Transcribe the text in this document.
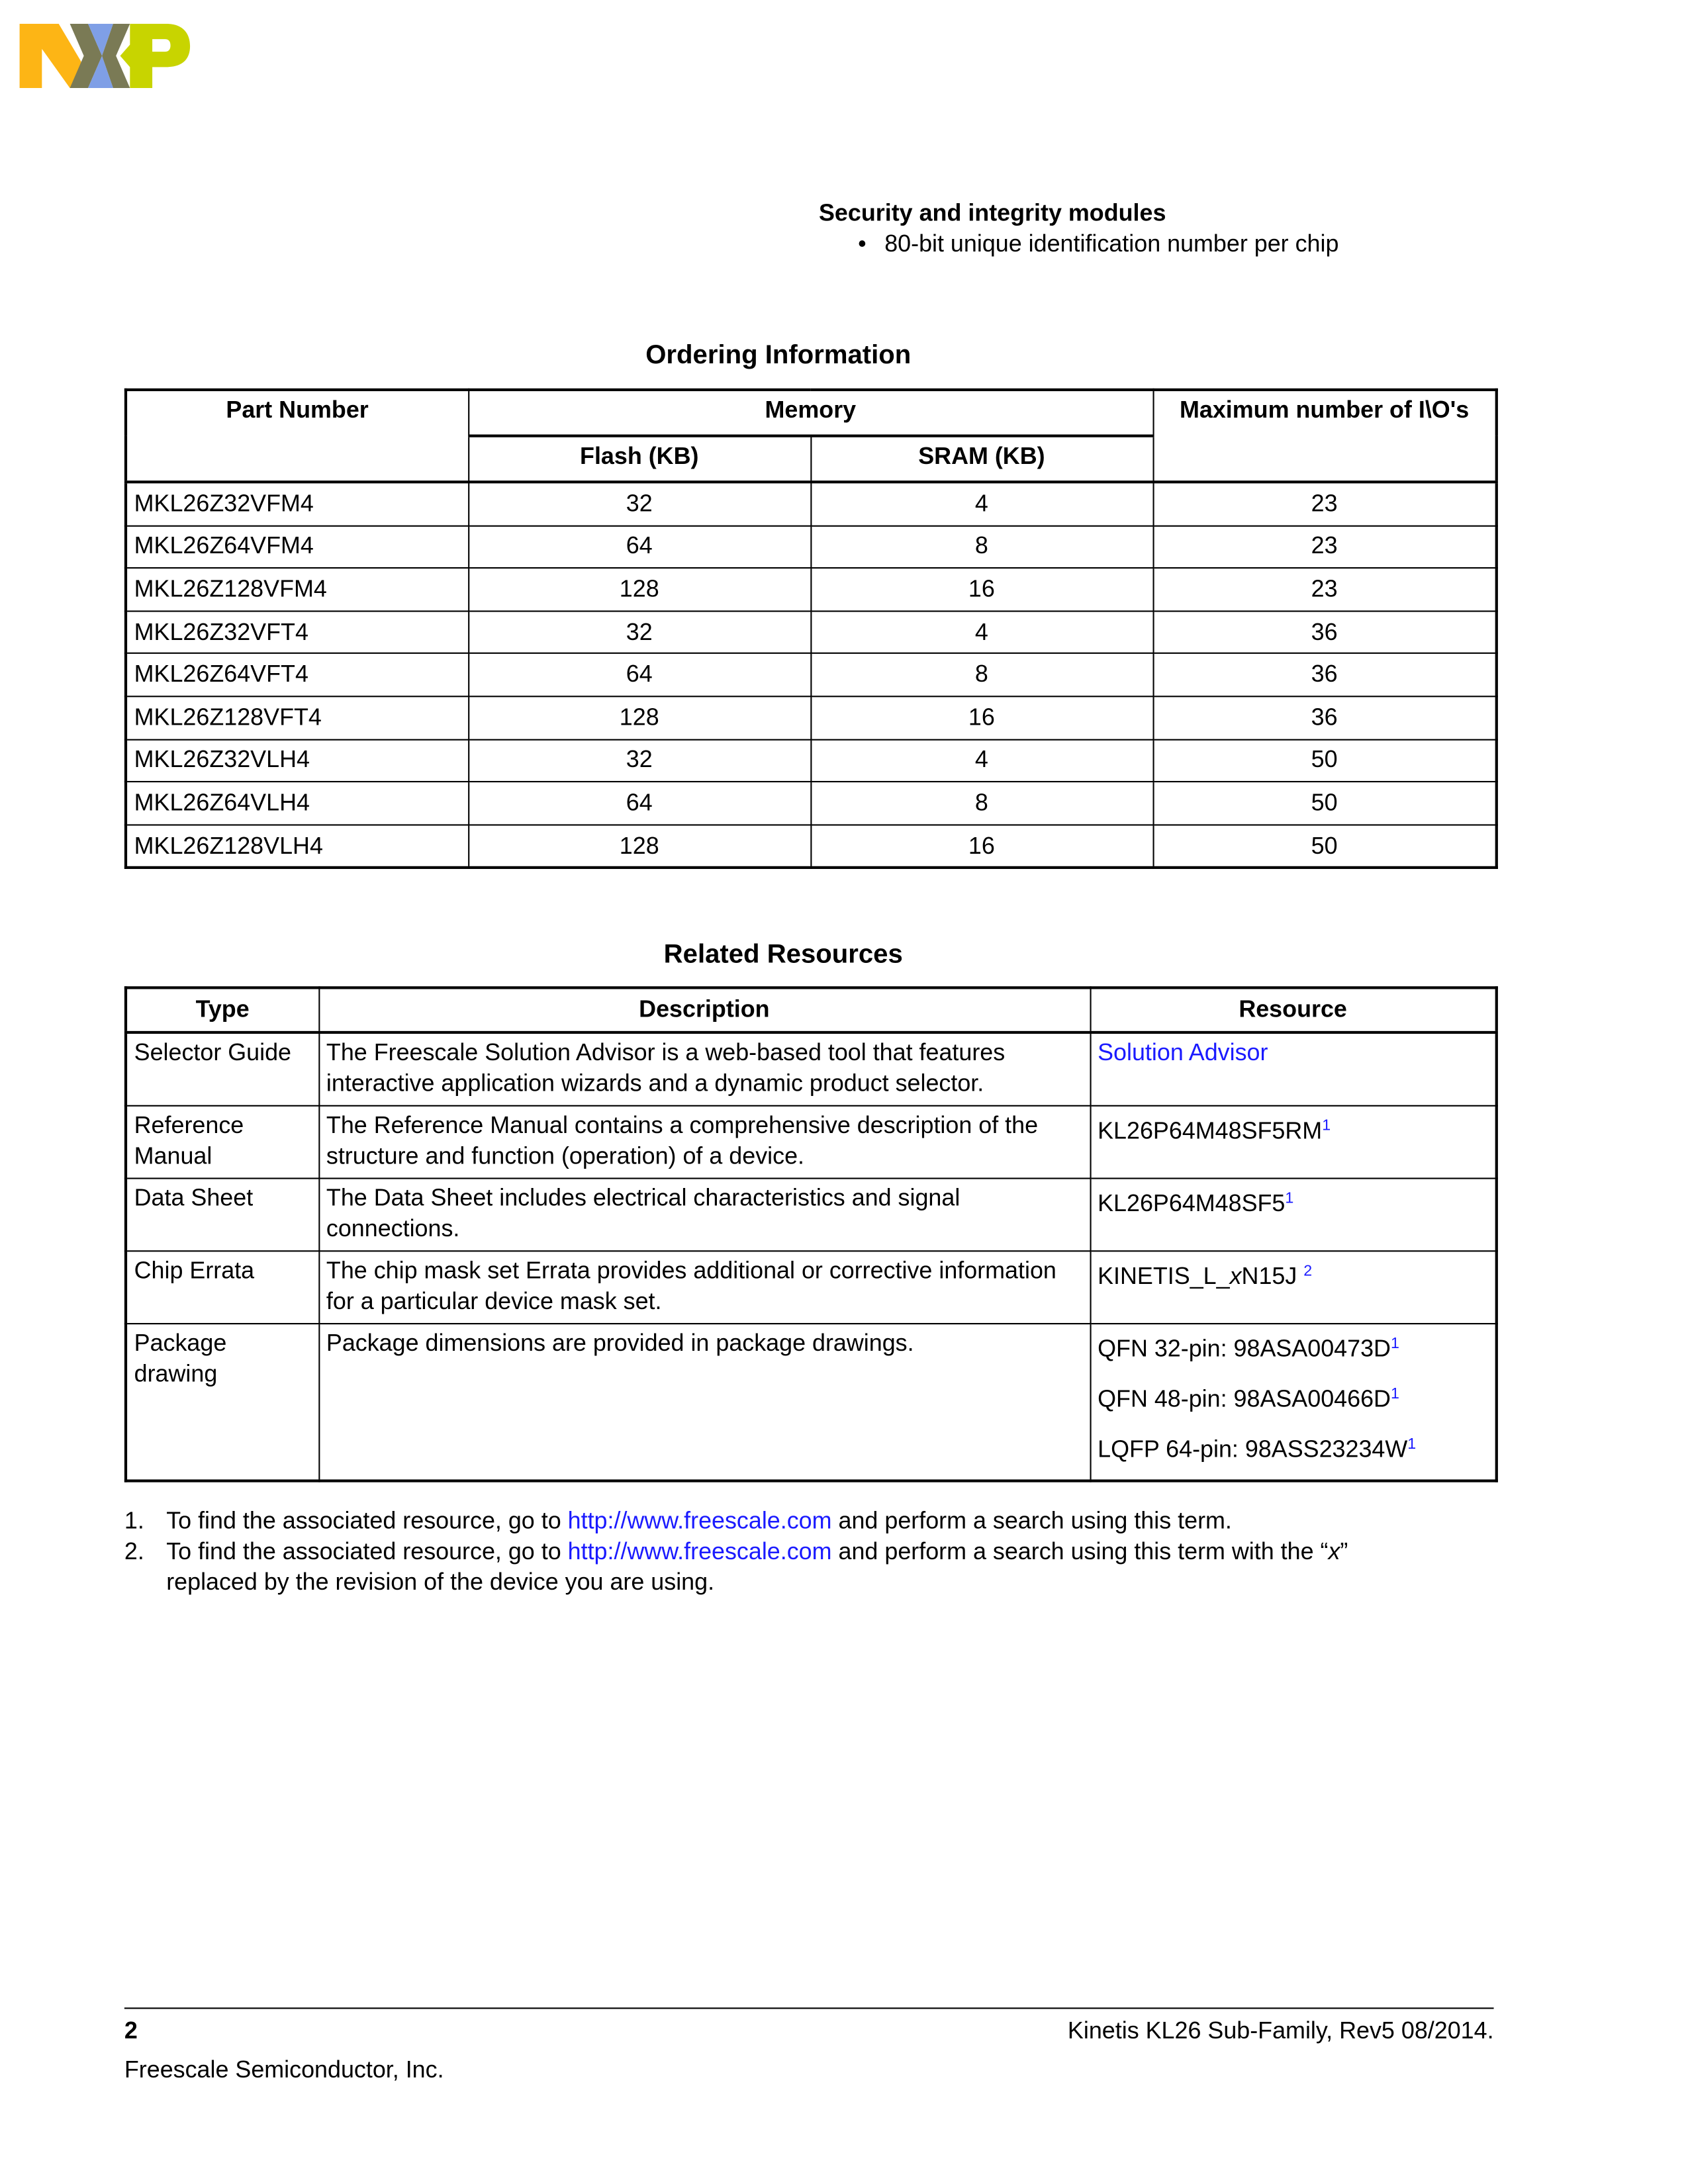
Security and integrity modules
• 80-bit unique identification number per chip
Ordering Information
Part Number	Memory		Maximum number of I\O's
	Flash (KB)	SRAM (KB)	
MKL26Z32VFM4	32	4	23
MKL26Z64VFM4	64	8	23
MKL26Z128VFM4	128	16	23
MKL26Z32VFT4	32	4	36
MKL26Z64VFT4	64	8	36
MKL26Z128VFT4	128	16	36
MKL26Z32VLH4	32	4	50
MKL26Z64VLH4	64	8	50
MKL26Z128VLH4	128	16	50
Related Resources
Type	Description	Resource
Selector Guide	The Freescale Solution Advisor is a web-based tool that features interactive application wizards and a dynamic product selector.	Solution Advisor
Reference Manual	The Reference Manual contains a comprehensive description of the structure and function (operation) of a device.	$KL26P64M48SF5RM^1$
Data Sheet	The Data Sheet includes electrical characteristics and signal connections.	$KL26P64M48SF5^1$
Chip Errata	The chip mask set Errata provides additional or corrective information for a particular device mask set.	KINETIS_L_xN15J $^2$
Package drawing	Package dimensions are provided in package drawings.	QFN 32-pin: $98ASA00473D^1$
QFN 48-pin: $98ASA00466D^1$
LQFP 64-pin: $98ASS23234W^1$
1. To find the associated resource, go to http://www.freescale.com and perform a search using this term.
2. To find the associated resource, go to http://www.freescale.com and perform a search using this term with the “x”
replaced by the revision of the device you are using.
2	Kinetis KL26 Sub-Family, Rev5 08/2014.
Freescale Semiconductor, Inc.
